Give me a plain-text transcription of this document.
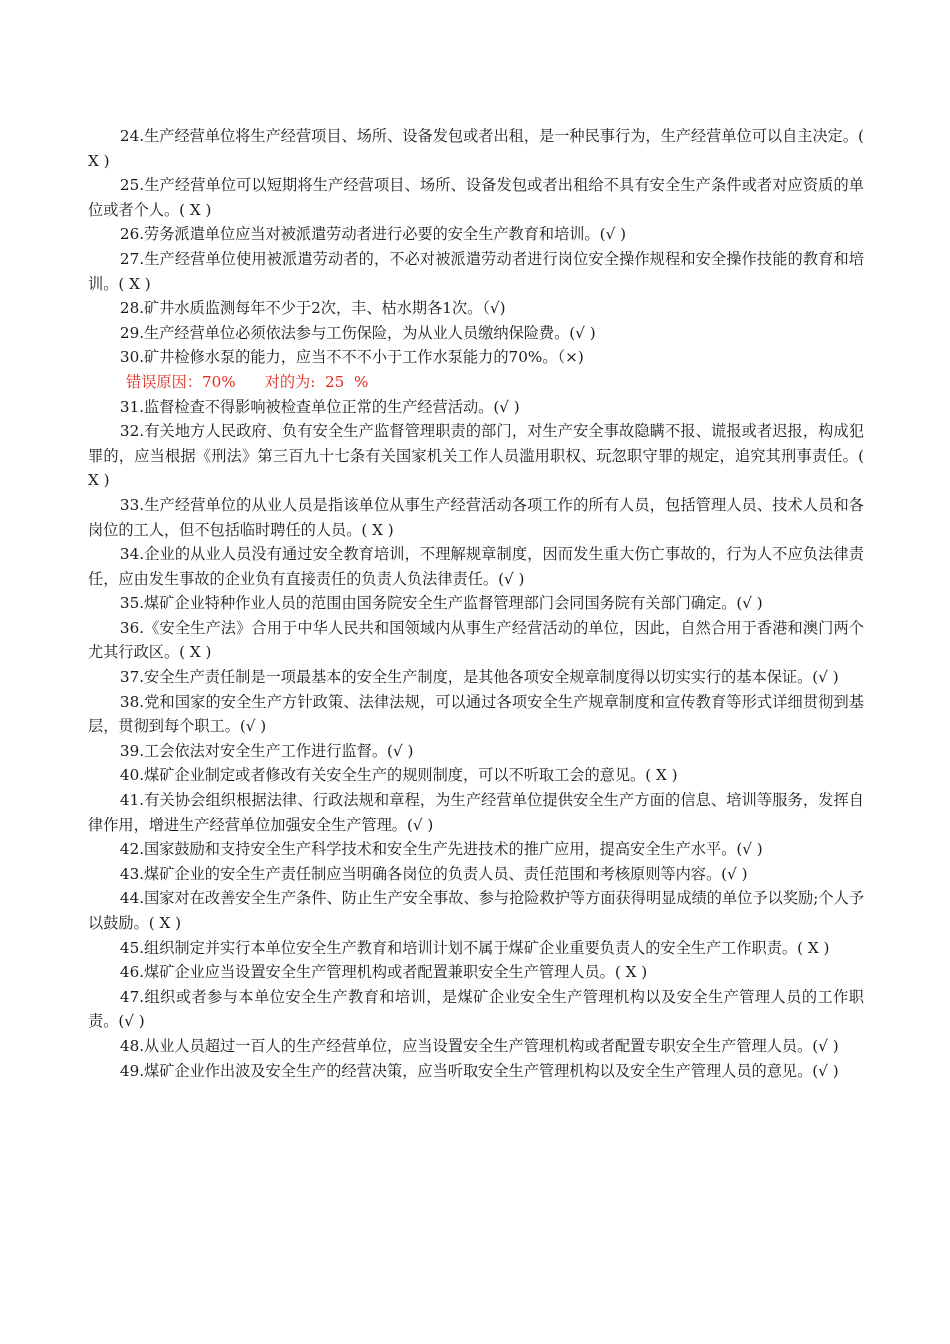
24.生产经营单位将生产经营项目、场所、设备发包或者出租，是一种民事行为，生产经营单位可以自主决定。( X )

25.生产经营单位可以短期将生产经营项目、场所、设备发包或者出租给不具有安全生产条件或者对应资质的单位或者个人。( X )

26.劳务派遣单位应当对被派遣劳动者进行必要的安全生产教育和培训。(√ )

27.生产经营单位使用被派遣劳动者的，不必对被派遣劳动者进行岗位安全操作规程和安全操作技能的教育和培训。( X )

28.矿井水质监测每年不少于2次，丰、枯水期各1次。（√)

29.生产经营单位必须依法参与工伤保险，为从业人员缴纳保险费。(√ )

30.矿井检修水泵的能力，应当不不不小于工作水泵能力的70%。（×)

错误原因：70%      对的为:  25  %

31.监督检查不得影响被检查单位正常的生产经营活动。(√ )

32.有关地方人民政府、负有安全生产监督管理职责的部门，对生产安全事故隐瞒不报、谎报或者迟报，构成犯罪的，应当根据《刑法》第三百九十七条有关国家机关工作人员滥用职权、玩忽职守罪的规定，追究其刑事责任。( X )

33.生产经营单位的从业人员是指该单位从事生产经营活动各项工作的所有人员，包括管理人员、技术人员和各岗位的工人，但不包括临时聘任的人员。( X )

34.企业的从业人员没有通过安全教育培训，不理解规章制度，因而发生重大伤亡事故的，行为人不应负法律责任，应由发生事故的企业负有直接责任的负责人负法律责任。(√ )

35.煤矿企业特种作业人员的范围由国务院安全生产监督管理部门会同国务院有关部门确定。(√ )

36.《安全生产法》合用于中华人民共和国领域内从事生产经营活动的单位，因此，自然合用于香港和澳门两个尤其行政区。( X )

37.安全生产责任制是一项最基本的安全生产制度，是其他各项安全规章制度得以切实实行的基本保证。(√ )

38.党和国家的安全生产方针政策、法律法规，可以通过各项安全生产规章制度和宣传教育等形式详细贯彻到基层，贯彻到每个职工。(√ )

39.工会依法对安全生产工作进行监督。(√ )

40.煤矿企业制定或者修改有关安全生产的规则制度，可以不听取工会的意见。( X )

41.有关协会组织根据法律、行政法规和章程，为生产经营单位提供安全生产方面的信息、培训等服务，发挥自律作用，增进生产经营单位加强安全生产管理。(√ )

42.国家鼓励和支持安全生产科学技术和安全生产先进技术的推广应用，提高安全生产水平。(√ )

43.煤矿企业的安全生产责任制应当明确各岗位的负责人员、责任范围和考核原则等内容。(√ )

44.国家对在改善安全生产条件、防止生产安全事故、参与抢险救护等方面获得明显成绩的单位予以奖励;个人予以鼓励。( X )

45.组织制定并实行本单位安全生产教育和培训计划不属于煤矿企业重要负责人的安全生产工作职责。( X )

46.煤矿企业应当设置安全生产管理机构或者配置兼职安全生产管理人员。( X )

47.组织或者参与本单位安全生产教育和培训，是煤矿企业安全生产管理机构以及安全生产管理人员的工作职责。(√ )

48.从业人员超过一百人的生产经营单位，应当设置安全生产管理机构或者配置专职安全生产管理人员。(√ )

49.煤矿企业作出波及安全生产的经营决策，应当听取安全生产管理机构以及安全生产管理人员的意见。(√ )
